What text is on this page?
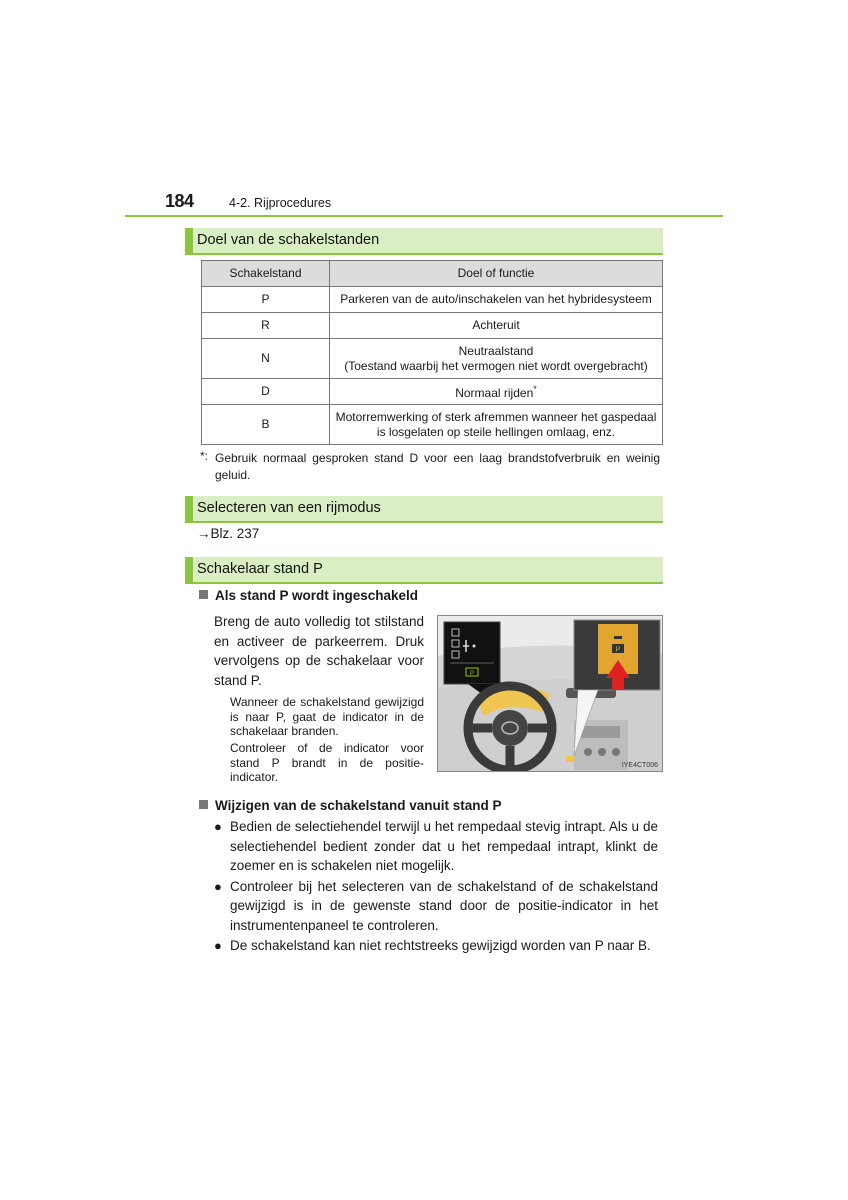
184	4-2. Rijprocedures
Doel van de schakelstanden
Schakelstand	Doel of functie
P	Parkeren van de auto/inschakelen van het hybridesysteem
R	Achteruit
N	Neutraalstand
(Toestand waarbij het vermogen niet wordt overgebracht)

D	Normaal rijden*
B	Motorremwerking of sterk afremmen wanneer het gaspedaal
is losgelaten op steile hellingen omlaag, enz.
*: Gebruik normaal gesproken stand D voor een laag brandstofverbruik en weinig geluid.
Selecteren van een rijmodus
→Blz. 237
Schakelaar stand P
Als stand P wordt ingeschakeld
Breng de auto volledig tot stilstand en activeer de parkeerrem. Druk vervolgens op de schakelaar voor stand P.
Wanneer de schakelstand gewijzigd is naar P, gaat de indicator in de schakelaar branden.
Controleer of de indicator voor stand P brandt in de positie-indicator.
P
P
IYE4CT006
Wijzigen van de schakelstand vanuit stand P
● Bedien de selectiehendel terwijl u het rempedaal stevig intrapt. Als u de selectiehendel bedient zonder dat u het rempedaal intrapt, klinkt de zoemer en is schakelen niet mogelijk.
● Controleer bij het selecteren van de schakelstand of de schakelstand gewijzigd is in de gewenste stand door de positie-indicator in het instrumentenpaneel te controleren.
● De schakelstand kan niet rechtstreeks gewijzigd worden van P naar B.
